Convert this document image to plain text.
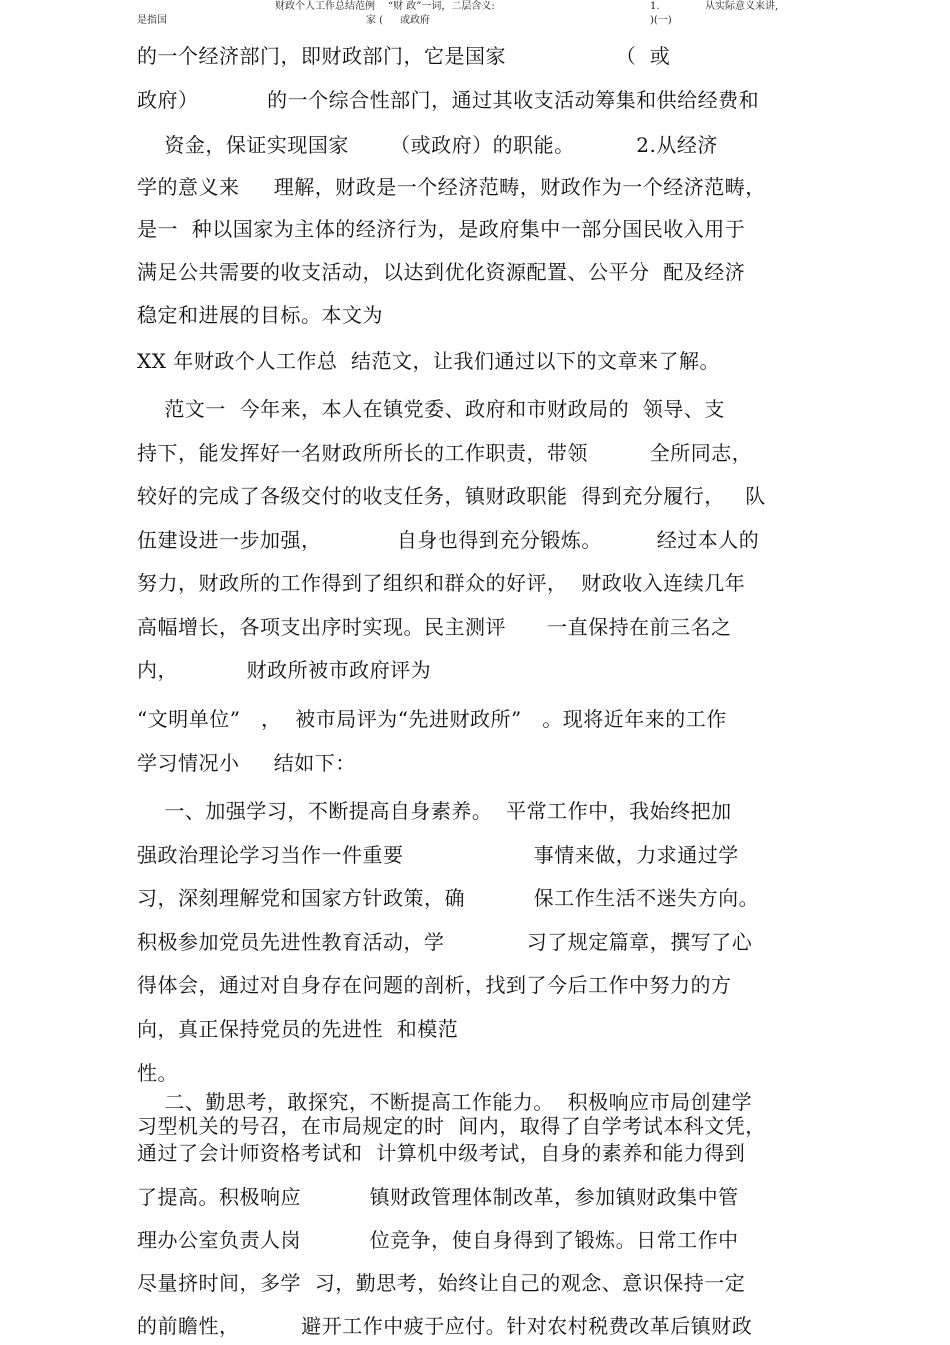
财政个人工作总结范例 “财 政”一词，二层含义:	1.	从实际意义来讲,
是指国	家 ( 或政府	)(一)
的一个经济部门，即财政部门，它是国家                （  或
政府）          的一个综合性部门，通过其收支活动筹集和供给经费和
资金，保证实现国家      （或政府）的职能。         2.从经济
学的意义来     理解，财政是一个经济范畴，财政作为一个经济范畴，
是一  种以国家为主体的经济行为，是政府集中一部分国民收入用于
满足公共需要的收支活动，以达到优化资源配置、公平分  配及经济
稳定和进展的目标。本文为
XX 年财政个人工作总  结范文，让我们通过以下的文章来了解。
范文一  今年来，本人在镇党委、政府和市财政局的  领导、支
持下，能发挥好一名财政所所长的工作职责，带领         全所同志，
较好的完成了各级交付的收支任务，镇财政职能  得到充分履行，   队
伍建设进一步加强，           自身也得到充分锻炼。        经过本人的
努力，财政所的工作得到了组织和群众的好评，  财政收入连续几年
高幅增长，各项支出序时实现。民主测评      一直保持在前三名之
内，          财政所被市政府评为
“文明单位”   ，  被市局评为“先进财政所”   。现将近年来的工作
学习情况小     结如下：
一、加强学习，不断提高自身素养。  平常工作中，我始终把加
强政治理论学习当作一件重要                   事情来做，力求通过学
习，深刻理解党和国家方针政策，确          保工作生活不迷失方向。
积极参加党员先进性教育活动，学            习了规定篇章，撰写了心
得体会，通过对自身存在问题的剖析，找到了今后工作中努力的方
向，真正保持党员的先进性  和模范
性。
二、勤思考，敢探究，不断提高工作能力。  积极响应市局创建学
习型机关的号召，在市局规定的时  间内，取得了自学考试本科文凭，
通过了会计师资格考试和  计算机中级考试，自身的素养和能力得到
了提高。积极响应          镇财政管理体制改革，参加镇财政集中管
理办公室负责人岗          位竞争，使自身得到了锻炼。日常工作中
尽量挤时间，多学  习，勤思考，始终让自己的观念、意识保持一定
的前瞻性，         避开工作中疲于应付。针对农村税费改革后镇财政
